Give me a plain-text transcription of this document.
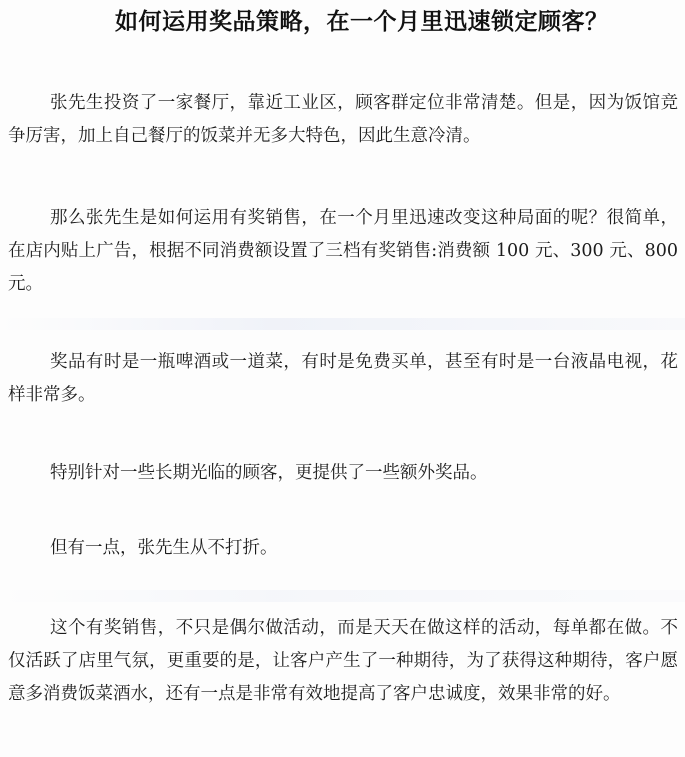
如何运用奖品策略，在一个月里迅速锁定顾客？

张先生投资了一家餐厅，靠近工业区，顾客群定位非常清楚。但是，因为饭馆竞争厉害，加上自己餐厅的饭菜并无多大特色，因此生意冷清。

那么张先生是如何运用有奖销售，在一个月里迅速改变这种局面的呢？很简单，在店内贴上广告，根据不同消费额设置了三档有奖销售:消费额 100 元、300 元、800 元。

奖品有时是一瓶啤酒或一道菜，有时是免费买单，甚至有时是一台液晶电视，花样非常多。

特别针对一些长期光临的顾客，更提供了一些额外奖品。

但有一点，张先生从不打折。

这个有奖销售，不只是偶尔做活动，而是天天在做这样的活动，每单都在做。不仅活跃了店里气氛，更重要的是，让客户产生了一种期待，为了获得这种期待，客户愿意多消费饭菜酒水，还有一点是非常有效地提高了客户忠诚度，效果非常的好。
